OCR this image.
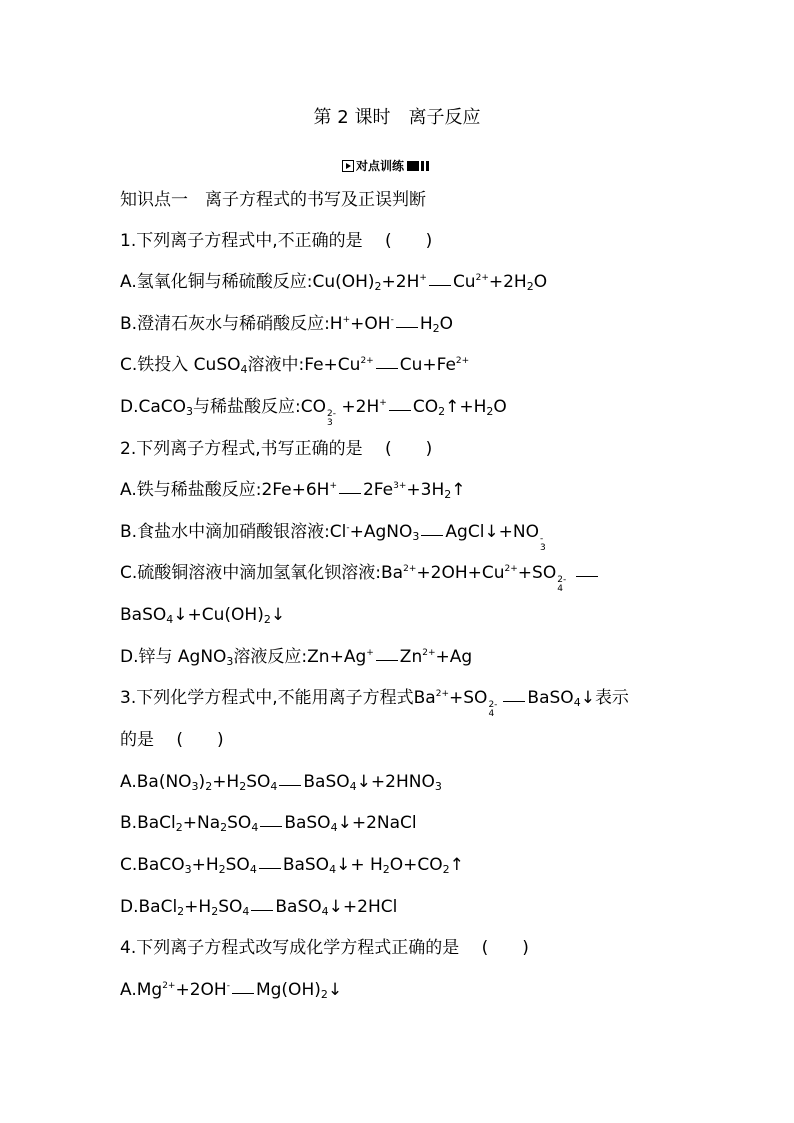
第 2 课时　离子反应
对点训练
知识点一　离子方程式的书写及正误判断
1.下列离子方程式中,不正确的是 　(　　)
A.氢氧化铜与稀硫酸反应$:Cu(OH)_2+2H^+$ $Cu^{2+}+2H_2O$
B.澄清石灰水与稀硝酸反应:H++OH- $H_2O$
C.铁投入 CuSO$_4$溶液中$:Fe+Cu^{2+}$ $Cu+Fe^{2+}$
D.CaCO$_3$与稀盐酸反应:CO 2-
3
+2H+ $CO_2↑+H_2O$
2.下列离子方程式,书写正确的是 　(　　)
A.铁与稀盐酸反应:2Fe+6H+ $2Fe^{3+}+3H_2↑$
B.食盐水中滴加硝酸银溶液:Cl-+AgNO$_3$ AgCl↓+NO -
3
C.硫酸铜溶液中滴加氢氧化钡溶液$:Ba^{2+}+2OH+Cu^{2+}+SO$ 2-
4
$BaSO_4↓+Cu(OH)_2↓$
D.锌与 AgNO$_3$溶液反应:Zn+Ag+ $Zn^{2+}+Ag$
3.下列化学方程式中,不能用离子方程式$Ba^{2+}+SO$ 2-
4
BaSO$_4$↓表示
的是 　(　　)
$A.Ba(NO_3)_2+H_2SO_4$ $BaSO_4↓+2HNO_3$
$B.BaCl_2+Na_2SO_4$ BaSO$_4$↓+2NaCl
$C.BaCO_3+H_2SO_4$ BaSO$_4$↓+ $H_2O+CO_2↑$
$D.BaCl_2+H_2SO_4$ BaSO$_4$↓+2HCl
4.下列离子方程式改写成化学方程式正确的是 　(　　)
$A.Mg^{2+}+2OH^-$ $Mg(OH)_2↓$
